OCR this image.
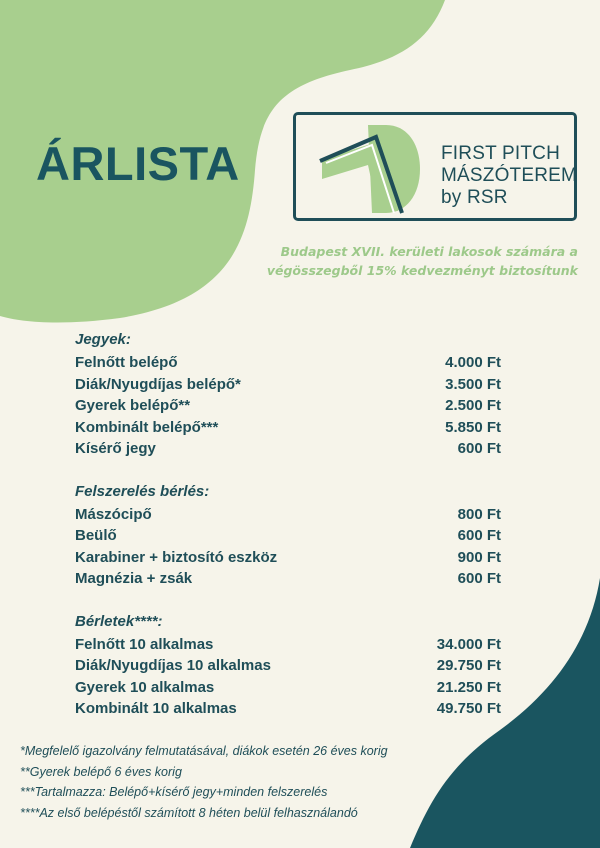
ÁRLISTA	FIRST PITCH
MÁSZÓTEREM
by RSR
Budapest XVII. kerületi lakosok számára a
végösszegből 15% kedvezményt biztosítunk
Jegyek:
Felnőtt belépő	4.000 Ft
Diák/Nyugdíjas belépő*	3.500 Ft
Gyerek belépő**	2.500 Ft
Kombinált belépő***	5.850 Ft
Kísérő jegy	600 Ft
Felszerelés bérlés:
Mászócipő	800 Ft
Beülő	600 Ft
Karabiner + biztosító eszköz	900 Ft
Magnézia + zsák	600 Ft
Bérletek****:
Felnőtt 10 alkalmas	34.000 Ft
Diák/Nyugdíjas 10 alkalmas	29.750 Ft
Gyerek 10 alkalmas	21.250 Ft
Kombinált 10 alkalmas	49.750 Ft
*Megfelelő igazolvány felmutatásával, diákok esetén 26 éves korig
**Gyerek belépő 6 éves korig
***Tartalmazza: Belépő+kísérő jegy+minden felszerelés
****Az első belépéstől számított 8 héten belül felhasználandó
